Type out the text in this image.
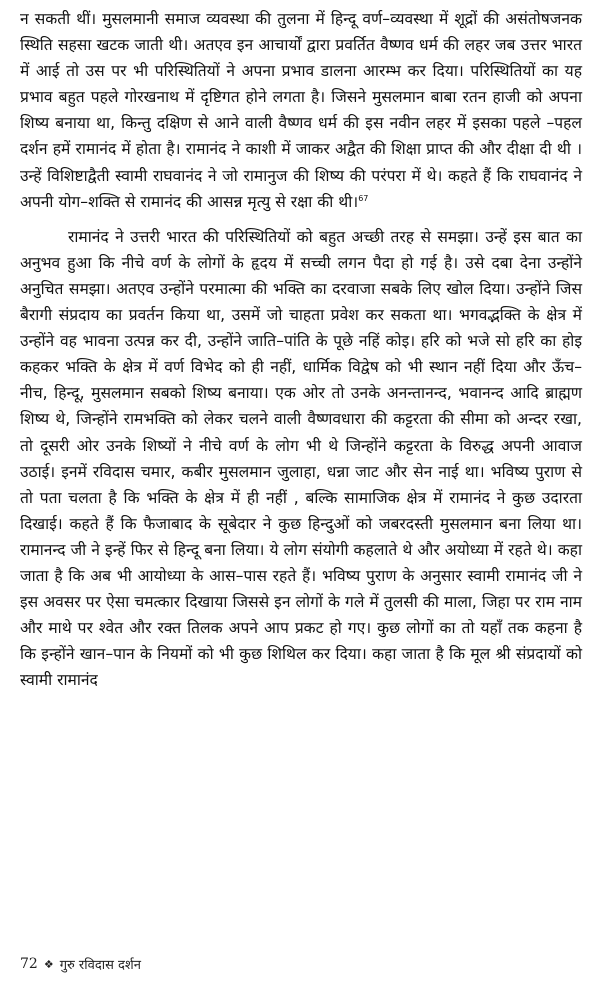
न सकती थीं। मुसलमानी समाज व्यवस्था की तुलना में हिन्दू वर्ण–व्यवस्था में शूद्रों की असंतोषजनक स्थिति सहसा खटक जाती थी। अतएव इन आचार्यों द्वारा प्रवर्तित वैष्णव धर्म की लहर जब उत्तर भारत में आई तो उस पर भी परिस्थितियों ने अपना प्रभाव डालना आरम्भ कर दिया। परिस्थितियों का यह प्रभाव बहुत पहले गोरखनाथ में दृष्टिगत होने लगता है। जिसने मुसलमान बाबा रतन हाजी को अपना शिष्य बनाया था, किन्तु दक्षिण से आने वाली वैष्णव धर्म की इस नवीन लहर में इसका पहले –पहल दर्शन हमें रामानंद में होता है। रामानंद ने काशी में जाकर अद्वैत की शिक्षा प्राप्त की और दीक्षा दी थी । उन्हें विशिष्टाद्वैती स्वामी राघवानंद ने जो रामानुज की शिष्य की परंपरा में थे। कहते हैं कि राघवानंद ने अपनी योग–शक्ति से रामानंद की आसन्न मृत्यु से रक्षा की थी।$^{67}$

रामानंद ने उत्तरी भारत की परिस्थितियों को बहुत अच्छी तरह से समझा। उन्हें इस बात का अनुभव हुआ कि नीचे वर्ण के लोगों के हृदय में सच्ची लगन पैदा हो गई है। उसे दबा देना उन्होंने अनुचित समझा। अतएव उन्होंने परमात्मा की भक्ति का दरवाजा सबके लिए खोल दिया। उन्होंने जिस बैरागी संप्रदाय का प्रवर्तन किया था, उसमें जो चाहता प्रवेश कर सकता था। भगवद्भक्ति के क्षेत्र में उन्होंने वह भावना उत्पन्न कर दी, उन्होंने जाति–पांति के पूछे नहिं कोइ। हरि को भजे सो हरि का होइ कहकर भक्ति के क्षेत्र में वर्ण विभेद को ही नहीं, धार्मिक विद्वेष को भी स्थान नहीं दिया और ऊँच–नीच, हिन्दू, मुसलमान सबको शिष्य बनाया। एक ओर तो उनके अनन्तानन्द, भवानन्द आदि ब्राह्मण शिष्य थे, जिन्होंने रामभक्ति को लेकर चलने वाली वैष्णवधारा की कट्टरता की सीमा को अन्दर रखा, तो दूसरी ओर उनके शिष्यों ने नीचे वर्ण के लोग भी थे जिन्होंने कट्टरता के विरुद्ध अपनी आवाज उठाई। इनमें रविदास चमार, कबीर मुसलमान जुलाहा, धन्ना जाट और सेन नाई था। भविष्य पुराण से तो पता चलता है कि भक्ति के क्षेत्र में ही नहीं , बल्कि सामाजिक क्षेत्र में रामानंद ने कुछ उदारता दिखाई। कहते हैं कि फैजाबाद के सूबेदार ने कुछ हिन्दुओं को जबरदस्ती मुसलमान बना लिया था। रामानन्द जी ने इन्हें फिर से हिन्दू बना लिया। ये लोग संयोगी कहलाते थे और अयोध्या में रहते थे। कहा जाता है कि अब भी आयोध्या के आस–पास रहते हैं। भविष्य पुराण के अनुसार स्वामी रामानंद जी ने इस अवसर पर ऐसा चमत्कार दिखाया जिससे इन लोगों के गले में तुलसी की माला, जिहा पर राम नाम और माथे पर श्वेत और रक्त तिलक अपने आप प्रकट हो गए। कुछ लोगों का तो यहाँ तक कहना है कि इन्होंने खान–पान के नियमों को भी कुछ शिथिल कर दिया। कहा जाता है कि मूल श्री संप्रदायों को स्वामी रामानंद

72 ❖ गुरु रविदास दर्शन
